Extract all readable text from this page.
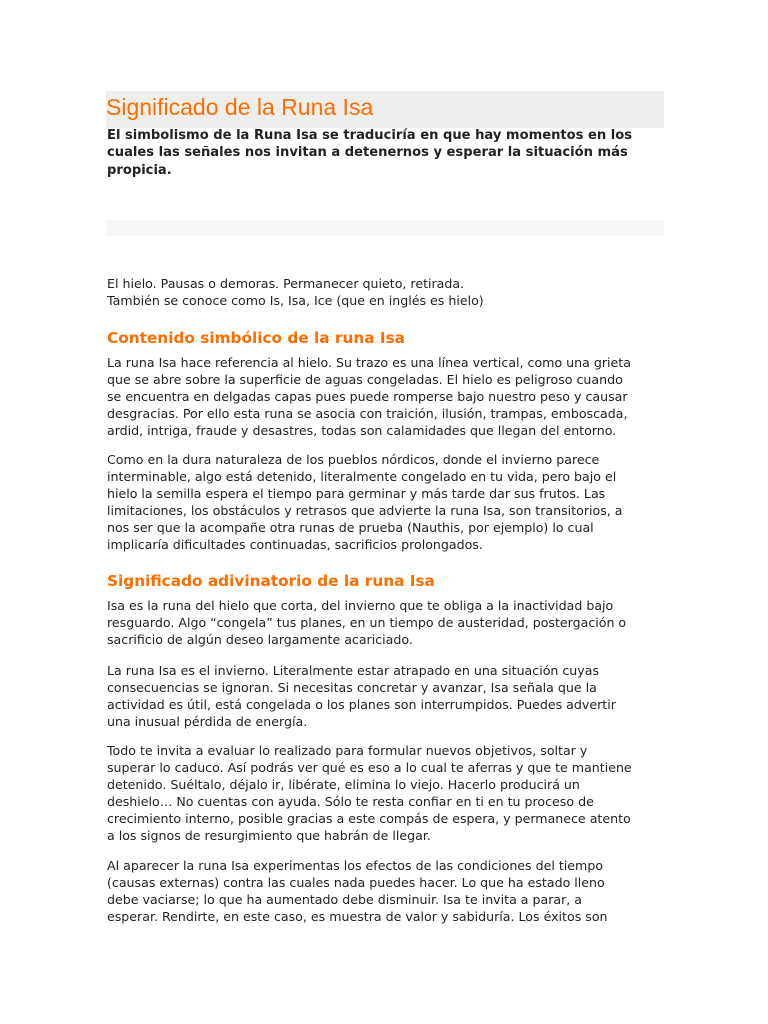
Significado de la Runa Isa

El simbolismo de la Runa Isa se traduciría en que hay momentos en los
cuales las señales nos invitan a detenernos y esperar la situación más
propicia.

El hielo. Pausas o demoras. Permanecer quieto, retirada.
También se conoce como Is, Isa, Ice (que en inglés es hielo)

Contenido simbólico de la runa Isa

La runa Isa hace referencia al hielo. Su trazo es una línea vertical, como una grieta
que se abre sobre la superficie de aguas congeladas. El hielo es peligroso cuando
se encuentra en delgadas capas pues puede romperse bajo nuestro peso y causar
desgracias. Por ello esta runa se asocia con traición, ilusión, trampas, emboscada,
ardid, intriga, fraude y desastres, todas son calamidades que llegan del entorno.

Como en la dura naturaleza de los pueblos nórdicos, donde el invierno parece
interminable, algo está detenido, literalmente congelado en tu vida, pero bajo el
hielo la semilla espera el tiempo para germinar y más tarde dar sus frutos. Las
limitaciones, los obstáculos y retrasos que advierte la runa Isa, son transitorios, a
nos ser que la acompañe otra runas de prueba (Nauthis, por ejemplo) lo cual
implicaría dificultades continuadas, sacrificios prolongados.

Significado adivinatorio de la runa Isa

Isa es la runa del hielo que corta, del invierno que te obliga a la inactividad bajo
resguardo. Algo “congela” tus planes, en un tiempo de austeridad, postergación o
sacrificio de algún deseo largamente acariciado.

La runa Isa es el invierno. Literalmente estar atrapado en una situación cuyas
consecuencias se ignoran. Si necesitas concretar y avanzar, Isa señala que la
actividad es útil, está congelada o los planes son interrumpidos. Puedes advertir
una inusual pérdida de energía.

Todo te invita a evaluar lo realizado para formular nuevos objetivos, soltar y
superar lo caduco. Así podrás ver qué es eso a lo cual te aferras y que te mantiene
detenido. Suéltalo, déjalo ir, libérate, elimina lo viejo. Hacerlo producirá un
deshielo… No cuentas con ayuda. Sólo te resta confiar en ti en tu proceso de
crecimiento interno, posible gracias a este compás de espera, y permanece atento
a los signos de resurgimiento que habrán de llegar.

Al aparecer la runa Isa experimentas los efectos de las condiciones del tiempo
(causas externas) contra las cuales nada puedes hacer. Lo que ha estado lleno
debe vaciarse; lo que ha aumentado debe disminuir. Isa te invita a parar, a
esperar. Rendirte, en este caso, es muestra de valor y sabiduría. Los éxitos son
